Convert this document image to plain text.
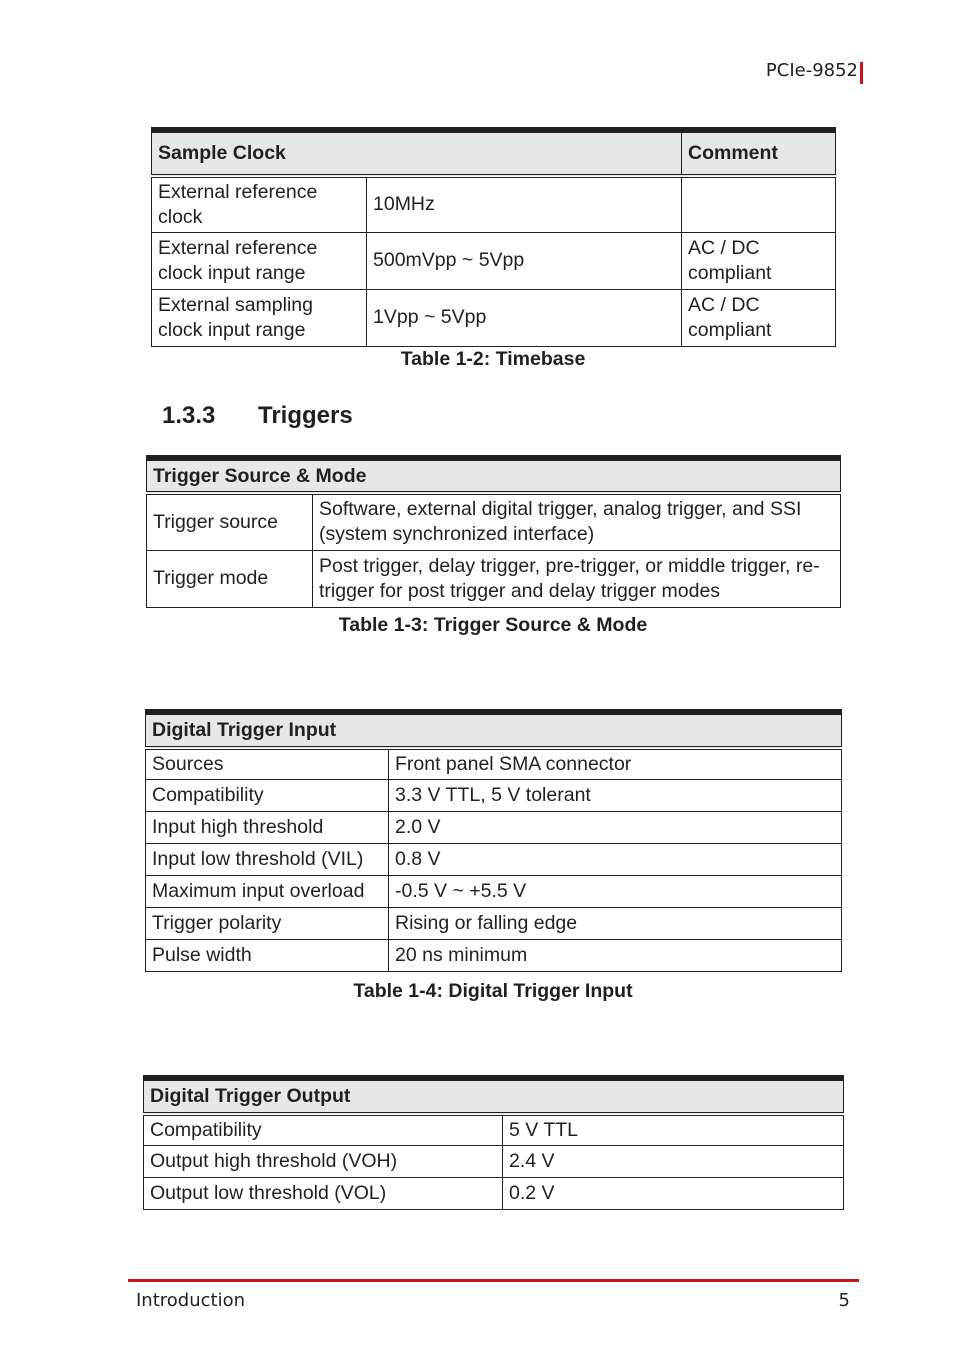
PCIe-9852
Sample Clock		Comment
External reference clock	10MHz	
External reference clock input range	500mVpp ~ 5Vpp	AC / DC compliant
External sampling clock input range	1Vpp ~ 5Vpp	AC / DC compliant
Table 1-2: Timebase
1.3.3 Triggers
Trigger Source & Mode	
Trigger source	Software, external digital trigger, analog trigger, and SSI (system synchronized interface)
Trigger mode	Post trigger, delay trigger, pre-trigger, or middle trigger, re-trigger for post trigger and delay trigger modes
Table 1-3: Trigger Source & Mode
Digital Trigger Input	
Sources	Front panel SMA connector
Compatibility	3.3 V TTL, 5 V tolerant
Input high threshold	2.0 V
Input low threshold (VIL)	0.8 V
Maximum input overload	-0.5 V ~ +5.5 V
Trigger polarity	Rising or falling edge
Pulse width	20 ns minimum
Table 1-4: Digital Trigger Input
Digital Trigger Output	
Compatibility	5 V TTL
Output high threshold (VOH)	2.4 V
Output low threshold (VOL)	0.2 V
Introduction	5
